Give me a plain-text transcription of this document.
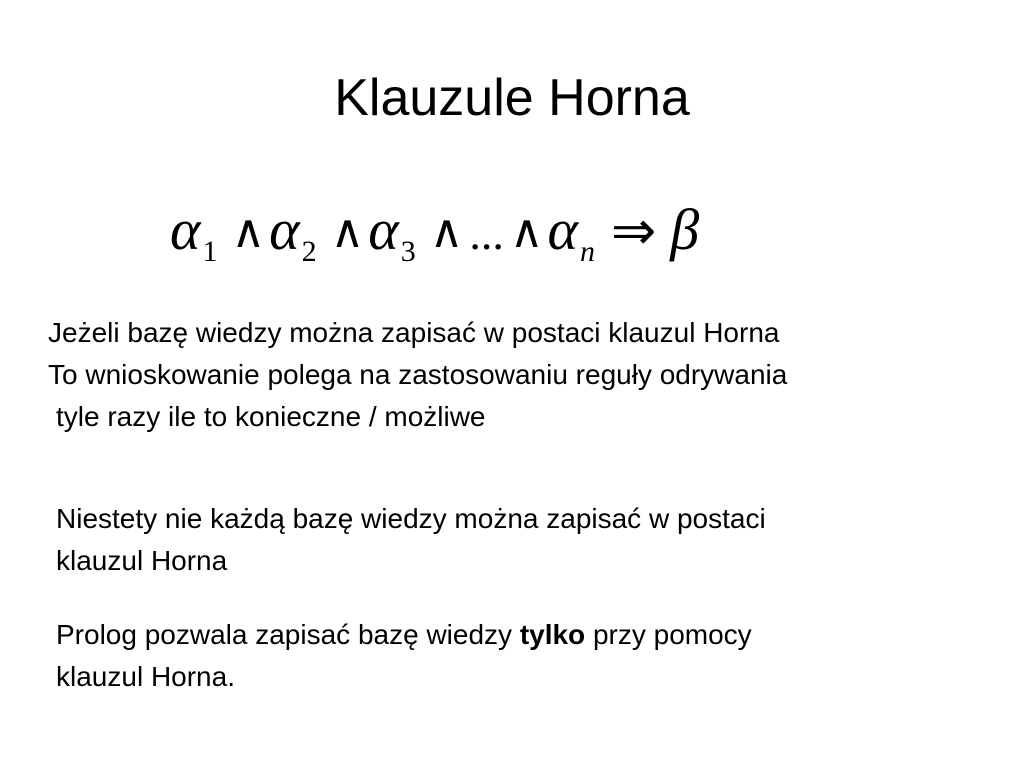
Klauzule Horna
$\alpha_1$ $\wedge\alpha_2$ $\wedge\alpha_3$ ∧ ... $\wedge\alpha_n$ ⇒ β
Jeżeli bazę wiedzy można zapisać w postaci klauzul Horna
To wnioskowanie polega na zastosowaniu reguły odrywania
tyle razy ile to konieczne / możliwe
Niestety nie każdą bazę wiedzy można zapisać w postaci
klauzul Horna
Prolog pozwala zapisać bazę wiedzy tylko przy pomocy
klauzul Horna.
